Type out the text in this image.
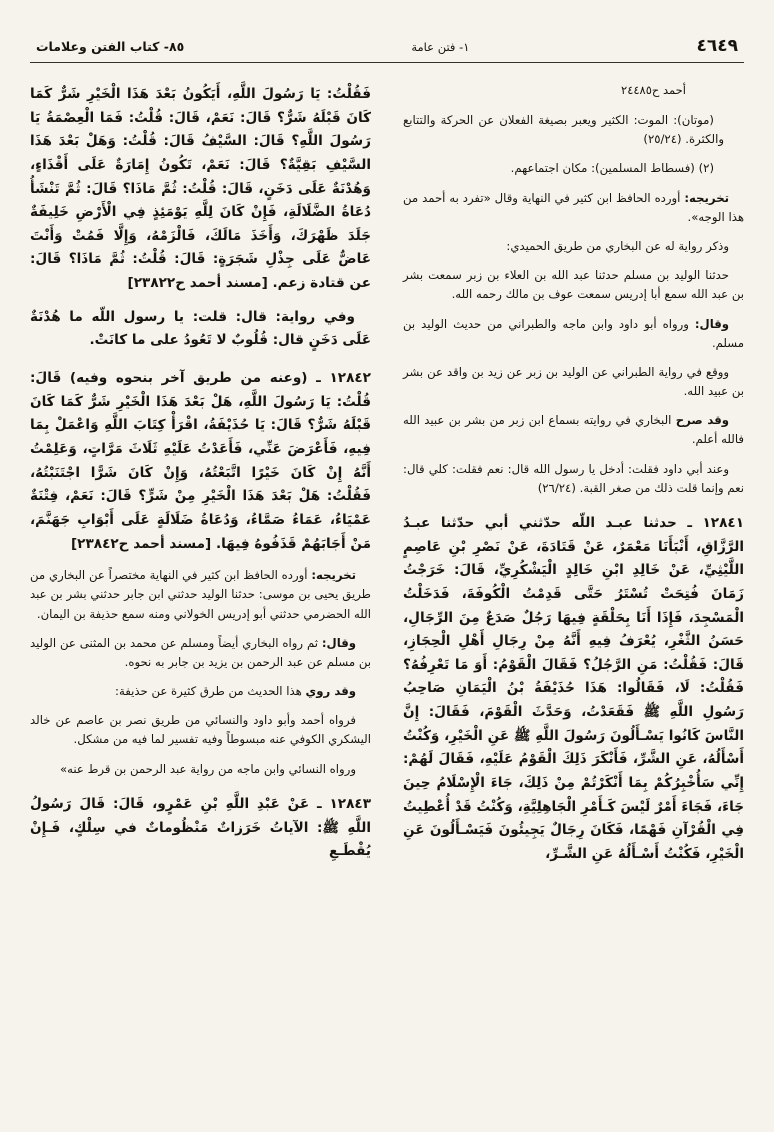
٤٦٤٩
١- فتن عامة
٨٥- كتاب الفتن وعلامات

أحمد ح٢٤٤٨٥

(موتان): الموت: الكثير ويعبر بصيغة الفعلان عن الحركة والتتابع والكثرة. (٢٥/٢٤)

(٢) (فسطاط المسلمين): مكان اجتماعهم.

تخريجه: أورده الحافظ ابن كثير في النهاية وقال «تفرد به أحمد من هذا الوجه».

وذكر رواية له عن البخاري من طريق الحميدي:

حدثنا الوليد بن مسلم حدثنا عبد الله بن العلاء بن زبر سمعت بشر بن عبد الله سمع أبا إدريس سمعت عوف بن مالك رحمه الله.

وقال: ورواه أبو داود وابن ماجه والطبراني من حديث الوليد بن مسلم.

ووقع في رواية الطبراني عن الوليد بن زبر عن زيد بن واقد عن بشر بن عبيد الله.

وقد صرح البخاري في روايته بسماع ابن زبر من بشر بن عبيد الله فالله أعلم.

وعند أبي داود فقلت: أدخل يا رسول الله قال: نعم فقلت: كلي قال: نعم وإنما قلت ذلك من صغر القبة. (٢٦/٢٤)

١٢٨٤١ ـ حدثنا عبـد اللّه حدّثني أبي حدّثنا عبـدُ الرَّزَّاقِ، أَنْبَأَنَا مَعْمَرٌ، عَنْ قَتَادَةَ، عَنْ نَصْرِ بْنِ عَاصِمٍ اللَّيْثِيِّ، عَنْ خَالِدِ ابْنِ خَالِدٍ الْيَشْكُرِيِّ، قَالَ: خَرَجْتُ زَمَانَ فُتِحَتْ تُسْتَرُ حَتَّى قَدِمْتُ الْكُوفَةَ، فَدَخَلْتُ الْمَسْجِدَ، فَإِذَا أَنَا بِحَلْقَةٍ فِيهَا رَجُلٌ صَدَعٌ مِنَ الرِّجَالِ، حَسَنُ الثَّغْرِ، يُعْرَفُ فِيهِ أَنَّهُ مِنْ رِجَالِ أَهْلِ الْحِجَازِ، قَالَ: فَقُلْتُ: مَنِ الرَّجُلُ؟ فَقَالَ الْقَوْمُ: أَوَ مَا تَعْرِفُهُ؟ فَقُلْتُ: لَا، فَقَالُوا: هَذَا حُذَيْفَةُ بْنُ الْيَمَانِ صَاحِبُ رَسُولِ اللَّهِ ﷺ فَقَعَدْتُ، وَحَدَّثَ الْقَوْمَ، فَقَالَ: إِنَّ النَّاسَ كَانُوا يَسْـأَلُونَ رَسُولَ اللَّهِ ﷺ عَنِ الْخَيْرِ، وَكُنْتُ أَسْأَلُهُ، عَنِ الشَّرِّ، فَأَنْكَرَ ذَلِكَ الْقَوْمُ عَلَيْهِ، فَقَالَ لَهُمْ: إِنِّي سَأُخْبِرُكُمْ بِمَا أَنْكَرْتُمْ مِنْ ذَلِكَ، جَاءَ الْإِسْلَامُ حِينَ جَاءَ، فَجَاءَ أَمْرٌ لَيْسَ كَـأَمْرِ الْجَاهِلِيَّةِ، وَكُنْتُ قَدْ أُعْطِيتُ فِي الْقُرْآنِ فَهْمًا، فَكَانَ رِجَالٌ يَجِيئُونَ فَيَسْـأَلُونَ عَنِ الْخَيْرِ، فَكُنْتُ أَسْـأَلُهُ عَنِ الشَّـرِّ،

فَقُلْتُ: يَا رَسُولَ اللَّهِ، أَيَكُونُ بَعْدَ هَذَا الْخَيْرِ شَرٌّ كَمَا كَانَ قَبْلَهُ شَرٌّ؟ قَالَ: نَعَمْ، قَالَ: قُلْتُ: فَمَا الْعِصْمَةُ يَا رَسُولَ اللَّهِ؟ قَالَ: السَّيْفُ قَالَ: قُلْتُ: وَهَلْ بَعْدَ هَذَا السَّيْفِ بَقِيَّةٌ؟ قَالَ: نَعَمْ، تَكُونُ إِمَارَةٌ عَلَى أَقْذَاءٍ، وَهُدْنَةٌ عَلَى دَخَنٍ، قَالَ: قُلْتُ: ثُمَّ مَاذَا؟ قَالَ: ثُمَّ تَنْشَأُ دُعَاةُ الضَّلَالَةِ، فَإِنْ كَانَ لِلَّهِ يَوْمَئِذٍ فِي الْأَرْضِ خَلِيفَةٌ جَلَدَ ظَهْرَكَ، وَأَخَذَ مَالَكَ، فَالْزَمْهُ، وَإِلَّا فَمُتْ وَأَنْتَ عَاضٌّ عَلَى جِذْلِ شَجَرَةٍ: قَالَ: قُلْتُ: ثُمَّ مَاذَا؟ قَالَ: عن قتادة زعم. [مسند أحمد ح٢٣٨٢٢]

وفي رواية: قال: قلت: يا رسول اللّه ما هُدْنَةٌ عَلَى دَخَنٍ قال: قُلُوبٌ لا تَعُودُ على ما كانَتْ.

١٢٨٤٢ ـ (وعنه من طريق آخر بنحوه وفيه) قَالَ: قُلْتُ: يَا رَسُولَ اللَّهِ، هَلْ بَعْدَ هَذَا الْخَيْرِ شَرٌّ كَمَا كَانَ قَبْلَهُ شَرٌّ؟ قَالَ: يَا حُذَيْفَةُ، اقْرَأْ كِتَابَ اللَّهِ وَاعْمَلْ بِمَا فِيهِ، فَأَعْرَضَ عَنِّي، فَأَعَدْتُ عَلَيْهِ ثَلَاثَ مَرَّاتٍ، وَعَلِمْتُ أَنَّهُ إِنْ كَانَ خَيْرًا اتَّبَعْتُهُ، وَإِنْ كَانَ شَرًّا اجْتَنَبْتُهُ، فَقُلْتُ: هَلْ بَعْدَ هَذَا الْخَيْرِ مِنْ شَرٍّ؟ قَالَ: نَعَمْ، فِتْنَةٌ عَمْيَاءُ، عَمَاءُ صَمَّاءُ، وَدُعَاةُ ضَلَالَةٍ عَلَى أَبْوَابِ جَهَنَّمَ، مَنْ أَجَابَهُمْ قَذَفُوهُ فِيهَا. [مسند أحمد ح٢٣٨٤٢]

تخريجه: أورده الحافظ ابن كثير في النهاية مختصراً عن البخاري من طريق يحيى بن موسى: حدثنا الوليد حدثني ابن جابر حدثني بشر بن عبد الله الحضرمي حدثني أبو إدريس الخولاني ومنه سمع حذيفة بن اليمان.

وقال: ثم رواه البخاري أيضاً ومسلم عن محمد بن المثنى عن الوليد بن مسلم عن عبد الرحمن بن يزيد بن جابر به نحوه.

وقد روي هذا الحديث من طرق كثيرة عن حذيفة:

فرواه أحمد وأبو داود والنسائي من طريق نصر بن عاصم عن خالد اليشكري الكوفي عنه مبسوطاً وفيه تفسير لما فيه من مشكل.

ورواه النسائي وابن ماجه من رواية عبد الرحمن بن قرط عنه»

١٢٨٤٣ ـ عَنْ عَبْدِ اللَّهِ بْنِ عَمْرٍو، قَالَ: قَالَ رَسُولُ اللَّهِ ﷺ: الآياتُ خَرَزاتٌ مَنْظُوماتٌ في سِلْكٍ، فَـإِنْ يُقْطَـعِ
